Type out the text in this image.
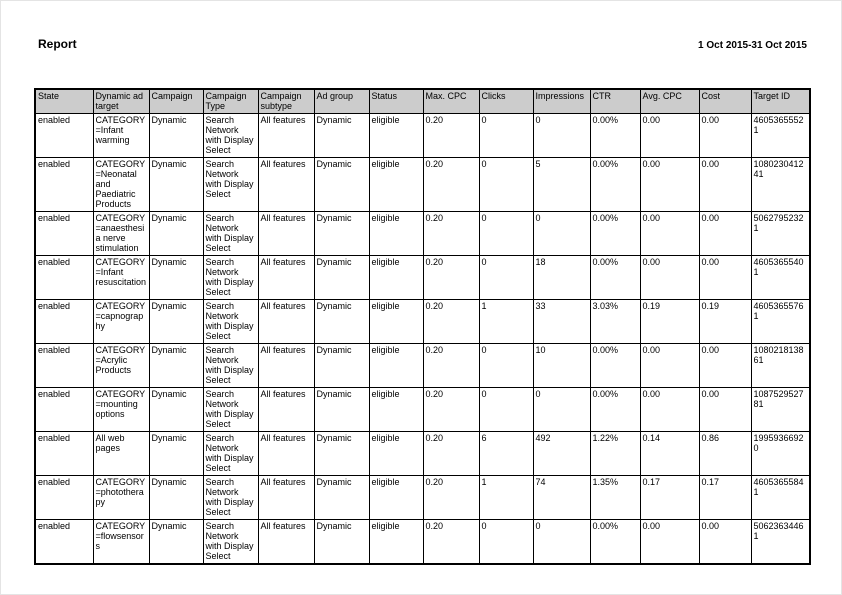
Report	1 Oct 2015-31 Oct 2015
State	Dynamic ad target	Campaign	Campaign Type	Campaign subtype	Ad group	Status	Max. CPC	Clicks	Impressions	CTR	Avg. CPC	Cost	Target ID
enabled	CATEGORY=Infant warming	Dynamic	Search Network with Display Select	All features	Dynamic	eligible	0.20	0	0	0.00%	0.00	0.00	46053655521
enabled	CATEGORY=Neonatal and Paediatric Products	Dynamic	Search Network with Display Select	All features	Dynamic	eligible	0.20	0	5	0.00%	0.00	0.00	108023041241
enabled	CATEGORY=anaesthesia nerve stimulation	Dynamic	Search Network with Display Select	All features	Dynamic	eligible	0.20	0	0	0.00%	0.00	0.00	50627952321
enabled	CATEGORY=Infant resuscitation	Dynamic	Search Network with Display Select	All features	Dynamic	eligible	0.20	0	18	0.00%	0.00	0.00	46053655401
enabled	CATEGORY=capnography	Dynamic	Search Network with Display Select	All features	Dynamic	eligible	0.20	1	33	3.03%	0.19	0.19	46053655761
enabled	CATEGORY=Acrylic Products	Dynamic	Search Network with Display Select	All features	Dynamic	eligible	0.20	0	10	0.00%	0.00	0.00	108021813861
enabled	CATEGORY=mounting options	Dynamic	Search Network with Display Select	All features	Dynamic	eligible	0.20	0	0	0.00%	0.00	0.00	108752952781
enabled	All web pages	Dynamic	Search Network with Display Select	All features	Dynamic	eligible	0.20	6	492	1.22%	0.14	0.86	19959366920
enabled	CATEGORY=phototherapy	Dynamic	Search Network with Display Select	All features	Dynamic	eligible	0.20	1	74	1.35%	0.17	0.17	46053655841
enabled	CATEGORY=flowsensors	Dynamic	Search Network with Display Select	All features	Dynamic	eligible	0.20	0	0	0.00%	0.00	0.00	50623634461
